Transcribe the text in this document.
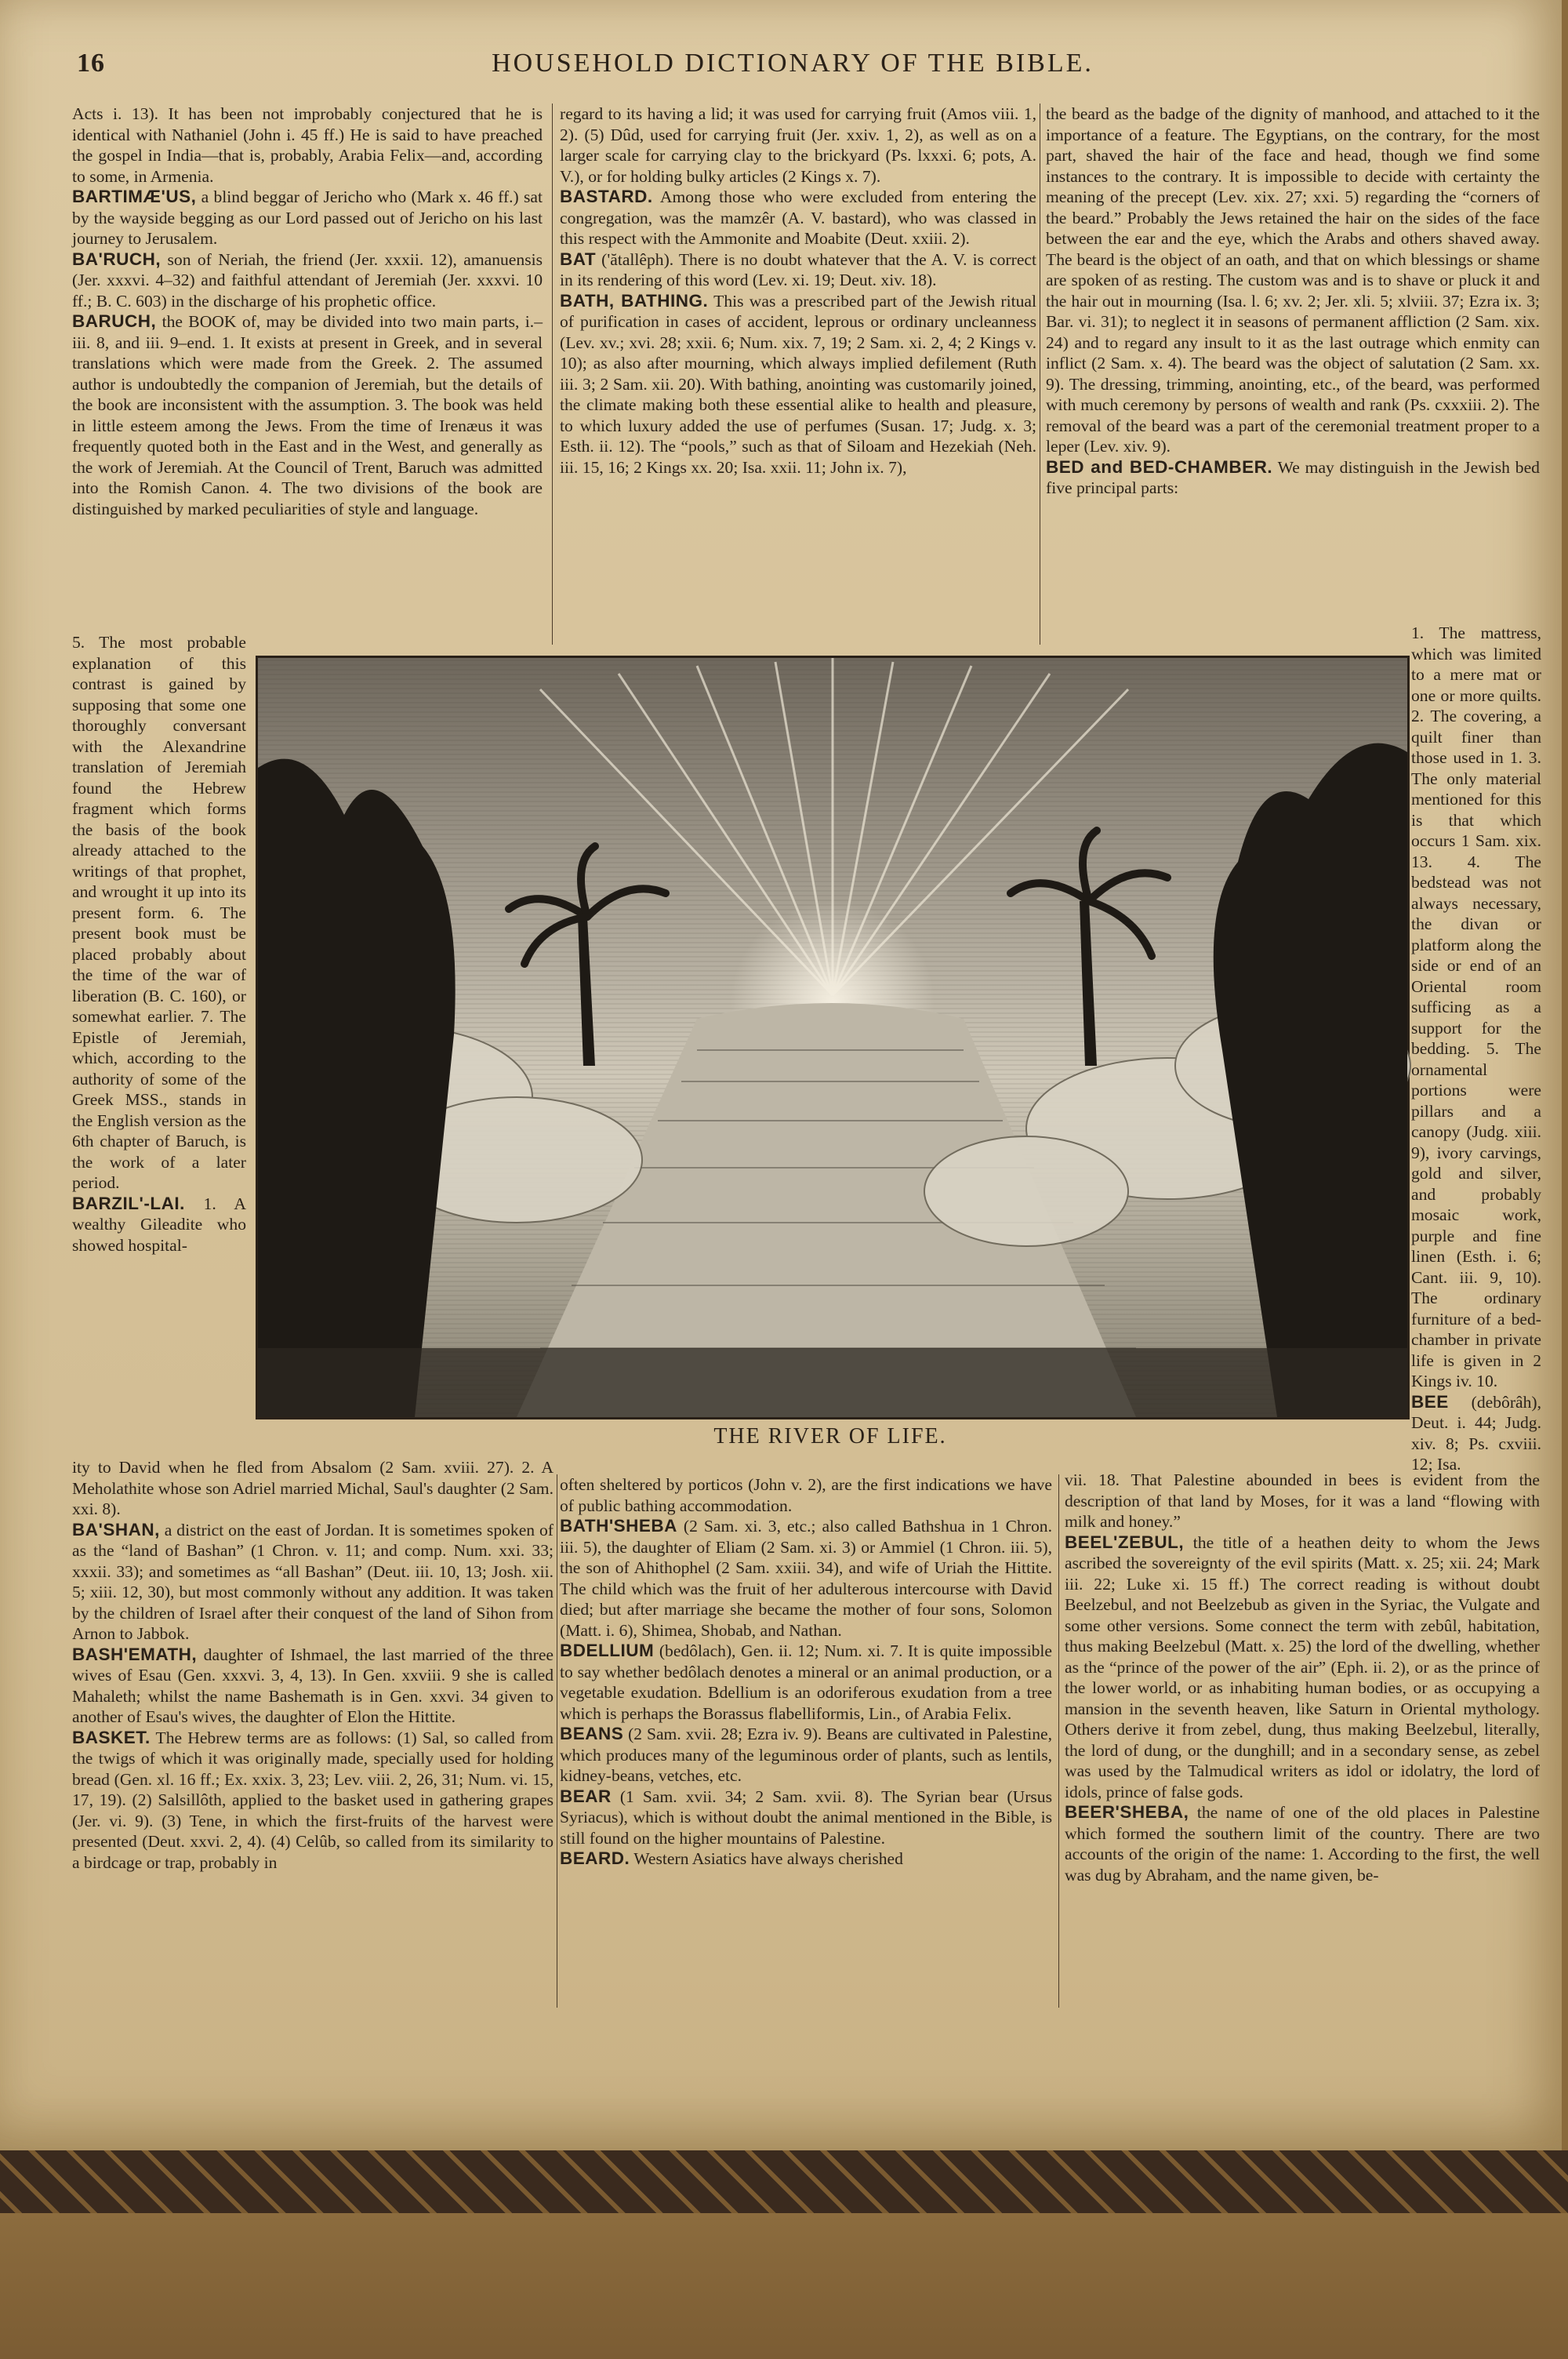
16	HOUSEHOLD DICTIONARY OF THE BIBLE.

Acts i. 13). It has been not improbably conjectured that he is identical with Nathaniel (John i. 45 ff.) He is said to have preached the gospel in India—that is, probably, Arabia Felix—and, according to some, in Armenia.

BARTIMÆ'US, a blind beggar of Jericho who (Mark x. 46 ff.) sat by the wayside begging as our Lord passed out of Jericho on his last journey to Jerusalem.

BA'RUCH, son of Neriah, the friend (Jer. xxxii. 12), amanuensis (Jer. xxxvi. 4–32) and faithful attendant of Jeremiah (Jer. xxxvi. 10 ff.; B. C. 603) in the discharge of his prophetic office.

BARUCH, the BOOK of, may be divided into two main parts, i.–iii. 8, and iii. 9–end. 1. It exists at present in Greek, and in several translations which were made from the Greek. 2. The assumed author is undoubtedly the companion of Jeremiah, but the details of the book are inconsistent with the assumption. 3. The book was held in little esteem among the Jews. From the time of Irenæus it was frequently quoted both in the East and in the West, and generally as the work of Jeremiah. At the Council of Trent, Baruch was admitted into the Romish Canon. 4. The two divisions of the book are distinguished by marked peculiarities of style and language.

5. The most probable explanation of this contrast is gained by supposing that some one thoroughly conversant with the Alexandrine translation of Jeremiah found the Hebrew fragment which forms the basis of the book already attached to the writings of that prophet, and wrought it up into its present form. 6. The present book must be placed probably about the time of the war of liberation (B. C. 160), or somewhat earlier. 7. The Epistle of Jeremiah, which, according to the authority of some of the Greek MSS., stands in the English version as the 6th chapter of Baruch, is the work of a later period.

BARZIL'-LAI. 1. A wealthy Gileadite who showed hospital-

ity to David when he fled from Absalom (2 Sam. xviii. 27). 2. A Meholathite whose son Adriel married Michal, Saul's daughter (2 Sam. xxi. 8).

BA'SHAN, a district on the east of Jordan. It is sometimes spoken of as the “land of Bashan” (1 Chron. v. 11; and comp. Num. xxi. 33; xxxii. 33); and sometimes as “all Bashan” (Deut. iii. 10, 13; Josh. xii. 5; xiii. 12, 30), but most commonly without any addition. It was taken by the children of Israel after their conquest of the land of Sihon from Arnon to Jabbok.

BASH'EMATH, daughter of Ishmael, the last married of the three wives of Esau (Gen. xxxvi. 3, 4, 13). In Gen. xxviii. 9 she is called Mahaleth; whilst the name Bashemath is in Gen. xxvi. 34 given to another of Esau's wives, the daughter of Elon the Hittite.

BASKET. The Hebrew terms are as follows: (1) Sal, so called from the twigs of which it was originally made, specially used for holding bread (Gen. xl. 16 ff.; Ex. xxix. 3, 23; Lev. viii. 2, 26, 31; Num. vi. 15, 17, 19). (2) Salsillôth, applied to the basket used in gathering grapes (Jer. vi. 9). (3) Tene, in which the first-fruits of the harvest were presented (Deut. xxvi. 2, 4). (4) Celûb, so called from its similarity to a birdcage or trap, probably in

regard to its having a lid; it was used for carrying fruit (Amos viii. 1, 2). (5) Dûd, used for carrying fruit (Jer. xxiv. 1, 2), as well as on a larger scale for carrying clay to the brickyard (Ps. lxxxi. 6; pots, A. V.), or for holding bulky articles (2 Kings x. 7).

BASTARD. Among those who were excluded from entering the congregation, was the mamzêr (A. V. bastard), who was classed in this respect with the Ammonite and Moabite (Deut. xxiii. 2).

BAT ('ătallêph). There is no doubt whatever that the A. V. is correct in its rendering of this word (Lev. xi. 19; Deut. xiv. 18).

BATH, BATHING. This was a prescribed part of the Jewish ritual of purification in cases of accident, leprous or ordinary uncleanness (Lev. xv.; xvi. 28; xxii. 6; Num. xix. 7, 19; 2 Sam. xi. 2, 4; 2 Kings v. 10); as also after mourning, which always implied defilement (Ruth iii. 3; 2 Sam. xii. 20). With bathing, anointing was customarily joined, the climate making both these essential alike to health and pleasure, to which luxury added the use of perfumes (Susan. 17; Judg. x. 3; Esth. ii. 12). The “pools,” such as that of Siloam and Hezekiah (Neh. iii. 15, 16; 2 Kings xx. 20; Isa. xxii. 11; John ix. 7),

often sheltered by porticos (John v. 2), are the first indications we have of public bathing accommodation.

BATH'SHEBA (2 Sam. xi. 3, etc.; also called Bathshua in 1 Chron. iii. 5), the daughter of Eliam (2 Sam. xi. 3) or Ammiel (1 Chron. iii. 5), the son of Ahithophel (2 Sam. xxiii. 34), and wife of Uriah the Hittite. The child which was the fruit of her adulterous intercourse with David died; but after marriage she became the mother of four sons, Solomon (Matt. i. 6), Shimea, Shobab, and Nathan.

BDELLIUM (bedôlach), Gen. ii. 12; Num. xi. 7. It is quite impossible to say whether bedôlach denotes a mineral or an animal production, or a vegetable exudation. Bdellium is an odoriferous exudation from a tree which is perhaps the Borassus flabelliformis, Lin., of Arabia Felix.

BEANS (2 Sam. xvii. 28; Ezra iv. 9). Beans are cultivated in Palestine, which produces many of the leguminous order of plants, such as lentils, kidney-beans, vetches, etc.

BEAR (1 Sam. xvii. 34; 2 Sam. xvii. 8). The Syrian bear (Ursus Syriacus), which is without doubt the animal mentioned in the Bible, is still found on the higher mountains of Palestine.

BEARD. Western Asiatics have always cherished

the beard as the badge of the dignity of manhood, and attached to it the importance of a feature. The Egyptians, on the contrary, for the most part, shaved the hair of the face and head, though we find some instances to the contrary. It is impossible to decide with certainty the meaning of the precept (Lev. xix. 27; xxi. 5) regarding the “corners of the beard.” Probably the Jews retained the hair on the sides of the face between the ear and the eye, which the Arabs and others shaved away. The beard is the object of an oath, and that on which blessings or shame are spoken of as resting. The custom was and is to shave or pluck it and the hair out in mourning (Isa. l. 6; xv. 2; Jer. xli. 5; xlviii. 37; Ezra ix. 3; Bar. vi. 31); to neglect it in seasons of permanent affliction (2 Sam. xix. 24) and to regard any insult to it as the last outrage which enmity can inflict (2 Sam. x. 4). The beard was the object of salutation (2 Sam. xx. 9). The dressing, trimming, anointing, etc., of the beard, was performed with much ceremony by persons of wealth and rank (Ps. cxxxiii. 2). The removal of the beard was a part of the ceremonial treatment proper to a leper (Lev. xiv. 9).

BED and BED-CHAMBER. We may distinguish in the Jewish bed five principal parts:

1. The mattress, which was limited to a mere mat or one or more quilts. 2. The covering, a quilt finer than those used in 1. 3. The only material mentioned for this is that which occurs 1 Sam. xix. 13. 4. The bedstead was not always necessary, the divan or platform along the side or end of an Oriental room sufficing as a support for the bedding. 5. The ornamental portions were pillars and a canopy (Judg. xiii. 9), ivory carvings, gold and silver, and probably mosaic work, purple and fine linen (Esth. i. 6; Cant. iii. 9, 10). The ordinary furniture of a bed-chamber in private life is given in 2 Kings iv. 10.

BEE (debôrâh), Deut. i. 44; Judg. xiv. 8; Ps. cxviii. 12; Isa.

vii. 18. That Palestine abounded in bees is evident from the description of that land by Moses, for it was a land “flowing with milk and honey.”

BEEL'ZEBUL, the title of a heathen deity to whom the Jews ascribed the sovereignty of the evil spirits (Matt. x. 25; xii. 24; Mark iii. 22; Luke xi. 15 ff.) The correct reading is without doubt Beelzebul, and not Beelzebub as given in the Syriac, the Vulgate and some other versions. Some connect the term with zebûl, habitation, thus making Beelzebul (Matt. x. 25) the lord of the dwelling, whether as the “prince of the power of the air” (Eph. ii. 2), or as the prince of the lower world, or as inhabiting human bodies, or as occupying a mansion in the seventh heaven, like Saturn in Oriental mythology. Others derive it from zebel, dung, thus making Beelzebul, literally, the lord of dung, or the dunghill; and in a secondary sense, as zebel was used by the Talmudical writers as idol or idolatry, the lord of idols, prince of false gods.

BEER'SHEBA, the name of one of the old places in Palestine which formed the southern limit of the country. There are two accounts of the origin of the name: 1. According to the first, the well was dug by Abraham, and the name given, be-

THE RIVER OF LIFE.
